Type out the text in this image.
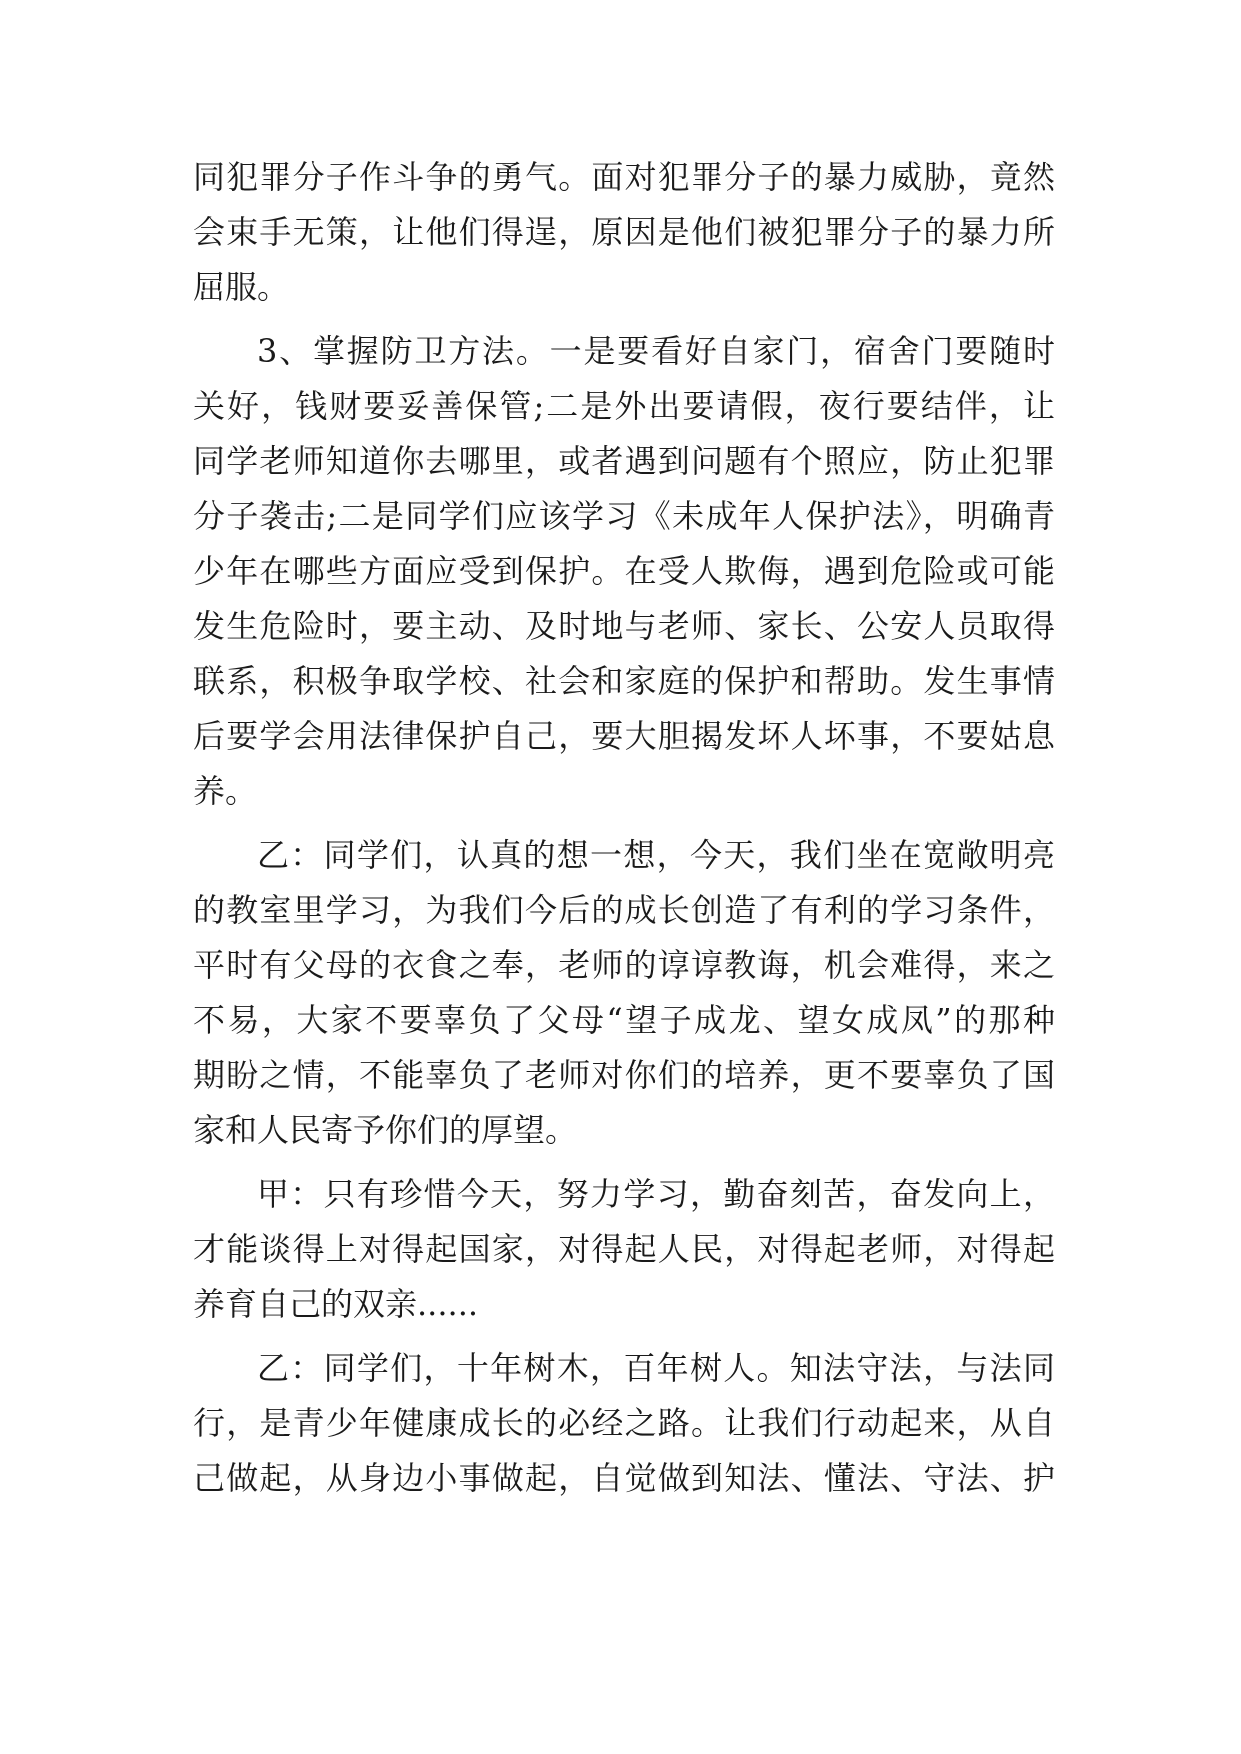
同犯罪分子作斗争的勇气。面对犯罪分子的暴力威胁，竟然
会束手无策，让他们得逞，原因是他们被犯罪分子的暴力所
屈服。
3、掌握防卫方法。一是要看好自家门，宿舍门要随时
关好，钱财要妥善保管;二是外出要请假，夜行要结伴，让
同学老师知道你去哪里，或者遇到问题有个照应，防止犯罪
分子袭击;二是同学们应该学习《未成年人保护法》，明确青
少年在哪些方面应受到保护。在受人欺侮，遇到危险或可能
发生危险时，要主动、及时地与老师、家长、公安人员取得
联系，积极争取学校、社会和家庭的保护和帮助。发生事情
后要学会用法律保护自己，要大胆揭发坏人坏事，不要姑息
养。
乙：同学们，认真的想一想，今天，我们坐在宽敞明亮
的教室里学习，为我们今后的成长创造了有利的学习条件，
平时有父母的衣食之奉，老师的谆谆教诲，机会难得，来之
不易，大家不要辜负了父母“望子成龙、望女成凤”的那种
期盼之情，不能辜负了老师对你们的培养，更不要辜负了国
家和人民寄予你们的厚望。
甲：只有珍惜今天，努力学习，勤奋刻苦，奋发向上，
才能谈得上对得起国家，对得起人民，对得起老师，对得起
养育自己的双亲......
乙：同学们，十年树木，百年树人。知法守法，与法同
行，是青少年健康成长的必经之路。让我们行动起来，从自
己做起，从身边小事做起，自觉做到知法、懂法、守法、护
